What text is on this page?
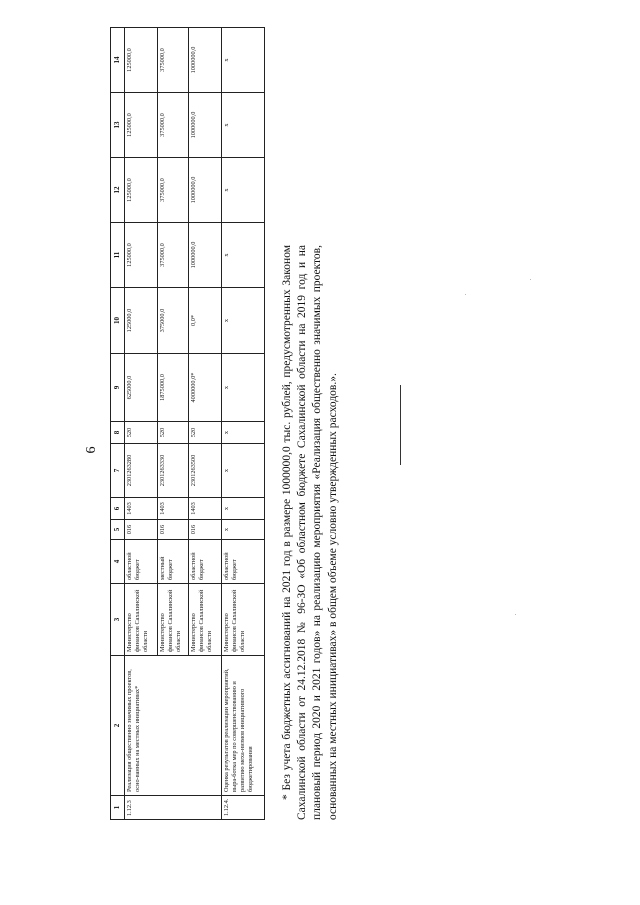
6
1	2	3	4	5	6	7	8	9	10	11	12	13	14
1.12.3	Реализация общественно значимых проектов, осно-ванных на местных инициативах*	Министерство финансов Сахалинской области	областной бюджет	016	1403	2301263280	520	625000,0	125000,0	125000,0	125000,0	125000,0	125000,0
		Министерство финансов Сахалинской области	местный бюджет	016	1403	2301263330	520	1875000,0	375000,0	375000,0	375000,0	375000,0	375000,0
		Министерство финансов Сахалинской области	областной бюджет	016	1403	2301263500	520	4000000,0*	0,0*	1000000,0	1000000,0	1000000,0	1000000,0
1.12.4.	Оценка результатов реализации мероприятий, выра-ботка мер по совершенствованию и развитию меха-низмов инициативного бюджетирования	Министерство финансов Сахалинской области	областной бюджет	x	x	x	x	x	x	x	x	x	x

* Без учета бюджетных ассигнований на 2021 год в размере 1000000,0 тыс. рублей, предусмотренных Законом Сахалинской области от 24.12.2018 № 96-ЗО «Об областном бюджете Сахалинской области на 2019 год и на плановый период 2020 и 2021 годов» на реализацию мероприятия «Реализация общественно значимых проектов, основанных на местных инициативах» в общем объеме условно утвержденных расходов.».
